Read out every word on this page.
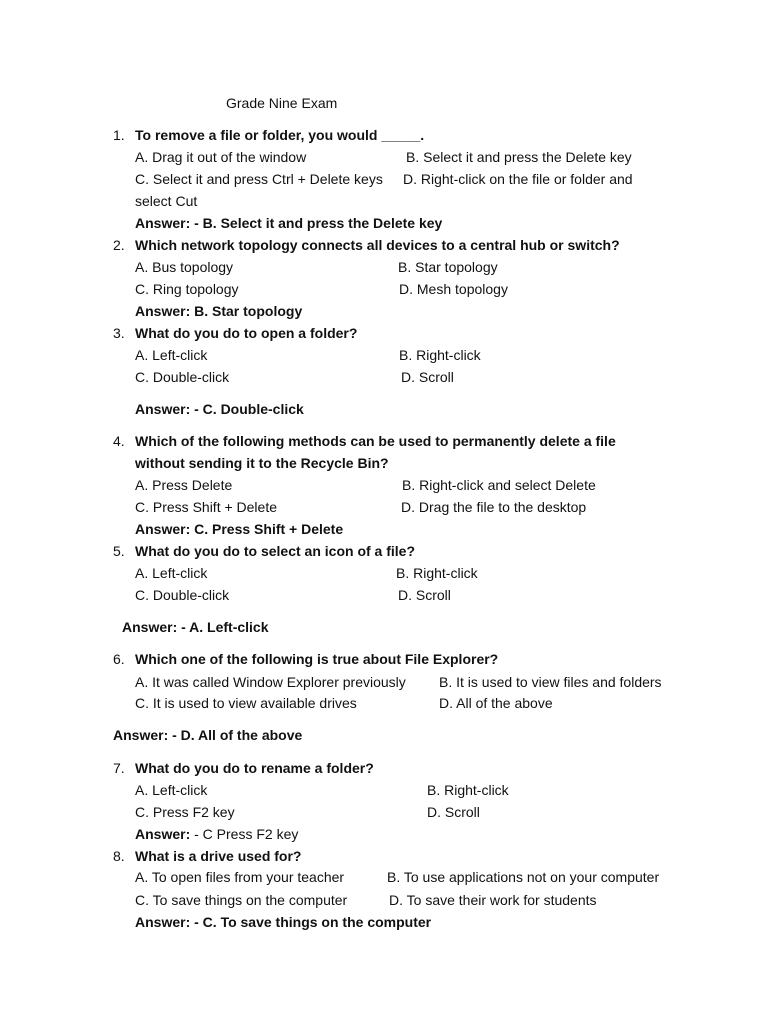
Grade Nine Exam
1. To remove a file or folder, you would _____.
A. Drag it out of the window	B. Select it and press the Delete key
C. Select it and press Ctrl + Delete keys D. Right-click on the file or folder and
select Cut
Answer: - B. Select it and press the Delete key
2. Which network topology connects all devices to a central hub or switch?
A. Bus topology	B. Star topology
C. Ring topology	D. Mesh topology
Answer: B. Star topology
3. What do you do to open a folder?
A. Left-click	B. Right-click
C. Double-click	D. Scroll
Answer: - C. Double-click
4. Which of the following methods can be used to permanently delete a file
without sending it to the Recycle Bin?
A. Press Delete	B. Right-click and select Delete
C. Press Shift + Delete	D. Drag the file to the desktop
Answer: C. Press Shift + Delete
5. What do you do to select an icon of a file?
A. Left-click	B. Right-click
C. Double-click	D. Scroll
Answer: - A. Left-click
6. Which one of the following is true about File Explorer?
A. It was called Window Explorer previously B. It is used to view files and folders
C. It is used to view available drives	D. All of the above
Answer: - D. All of the above
7. What do you do to rename a folder?
A. Left-click	B. Right-click
C. Press F2 key	D. Scroll
Answer: - C Press F2 key
8. What is a drive used for?
A. To open files from your teacher	B. To use applications not on your computer
C. To save things on the computer	D. To save their work for students
Answer: - C. To save things on the computer
